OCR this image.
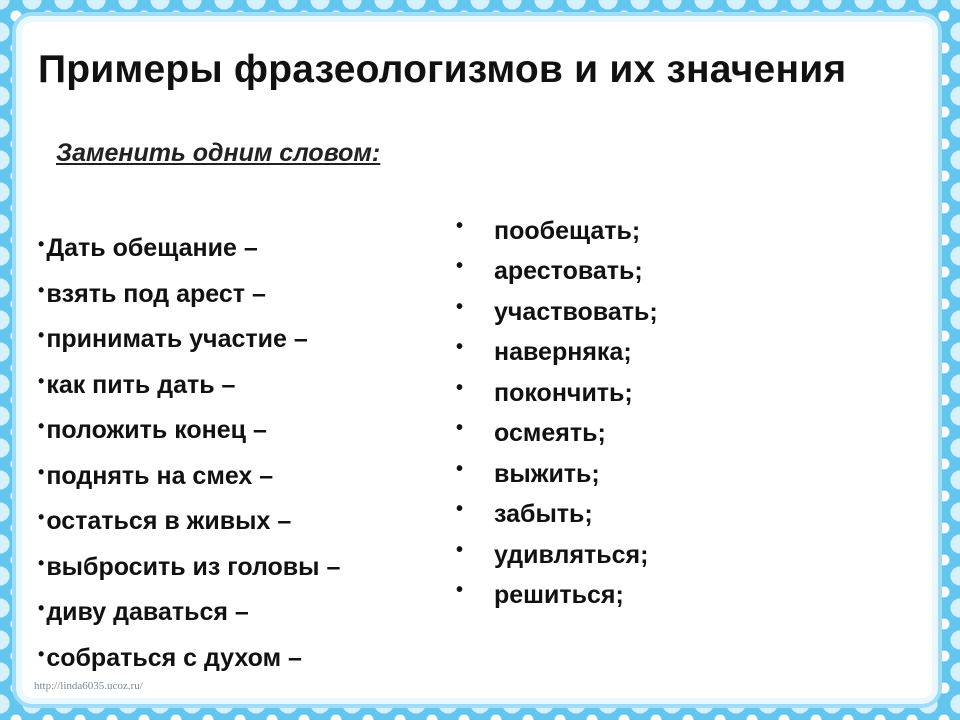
Примеры фразеологизмов и их значения
Заменить одним словом:
• Дать обещание –
• взять под арест –
• принимать участие –
• как пить дать –
• положить конец –
• поднять на смех –
• остаться в живых –
• выбросить из головы –
• диву даваться –
• собраться с духом –
•	пообещать;
•	арестовать;
•	участвовать;
•	наверняка;
•	покончить;
•	осмеять;
•	выжить;
•	забыть;
•	удивляться;
•	решиться;
http://linda6035.ucoz.ru/
